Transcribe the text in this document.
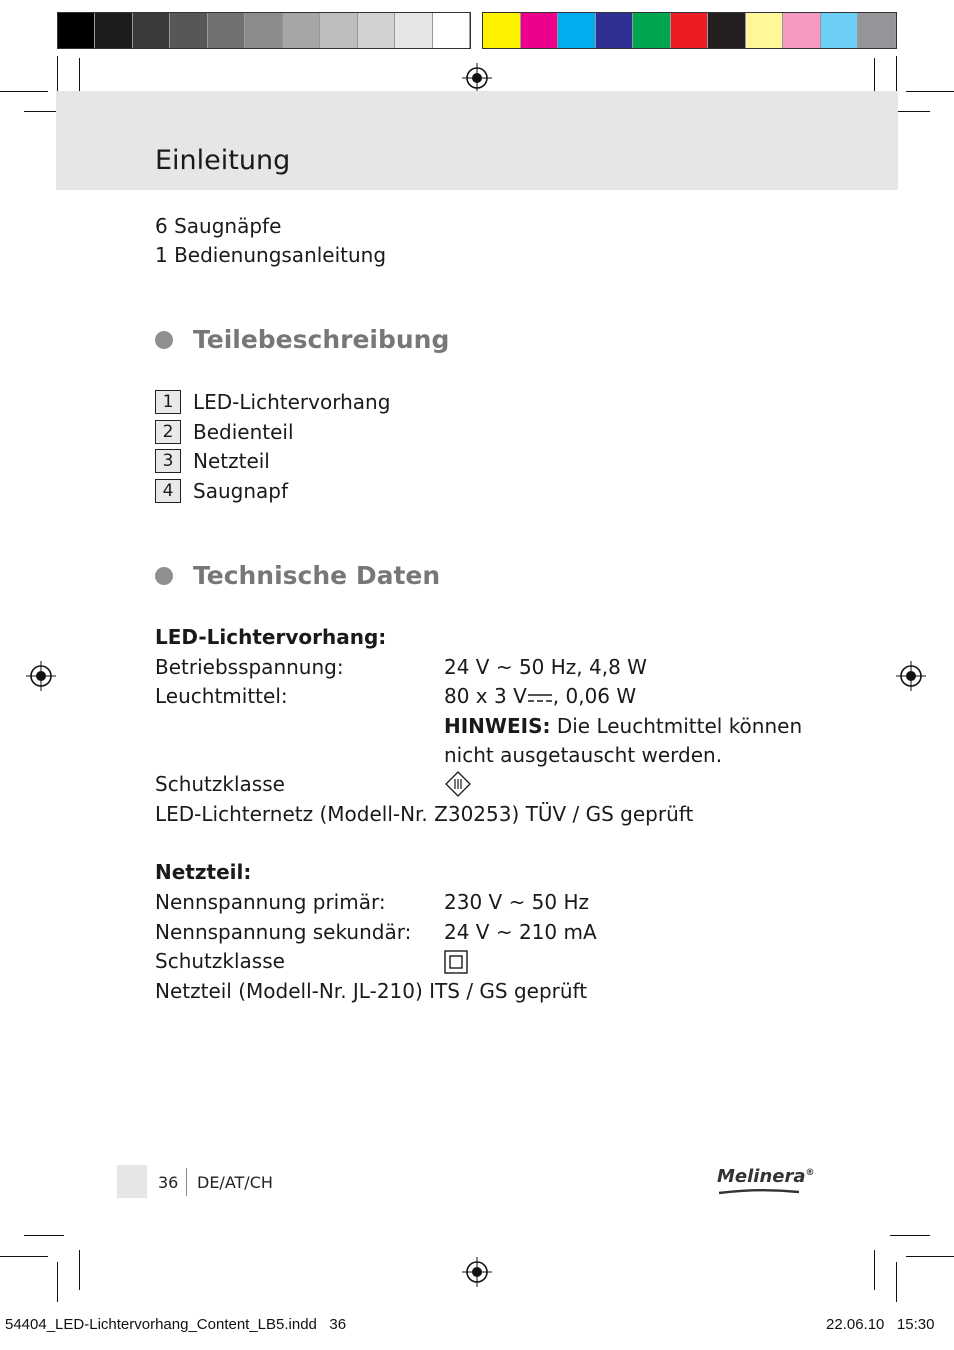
Einleitung
6 Saugnäpfe
1 Bedienungsanleitung
Teilebeschreibung
1 LED-Lichtervorhang
2 Bedienteil
3 Netzteil
4 Saugnapf
Technische Daten
LED-Lichtervorhang:
Betriebsspannung:	24 V ~ 50 Hz, 4,8 W
Leuchtmittel:	80 x 3 V , 0,06 W
HINWEIS: Die Leuchtmittel können
nicht ausgetauscht werden.
Schutzklasse
LED-Lichternetz (Modell-Nr. Z30253) TÜV / GS geprüft
Netzteil:
Nennspannung primär:	230 V ~ 50 Hz
Nennspannung sekundär: 24 V ~ 210 mA
Schutzklasse
Netzteil (Modell-Nr. JL-210) ITS / GS geprüft
36 DE/AT/CH	Melinera®
54404_LED-Lichtervorhang_Content_LB5.indd   36	22.06.10   15:30
